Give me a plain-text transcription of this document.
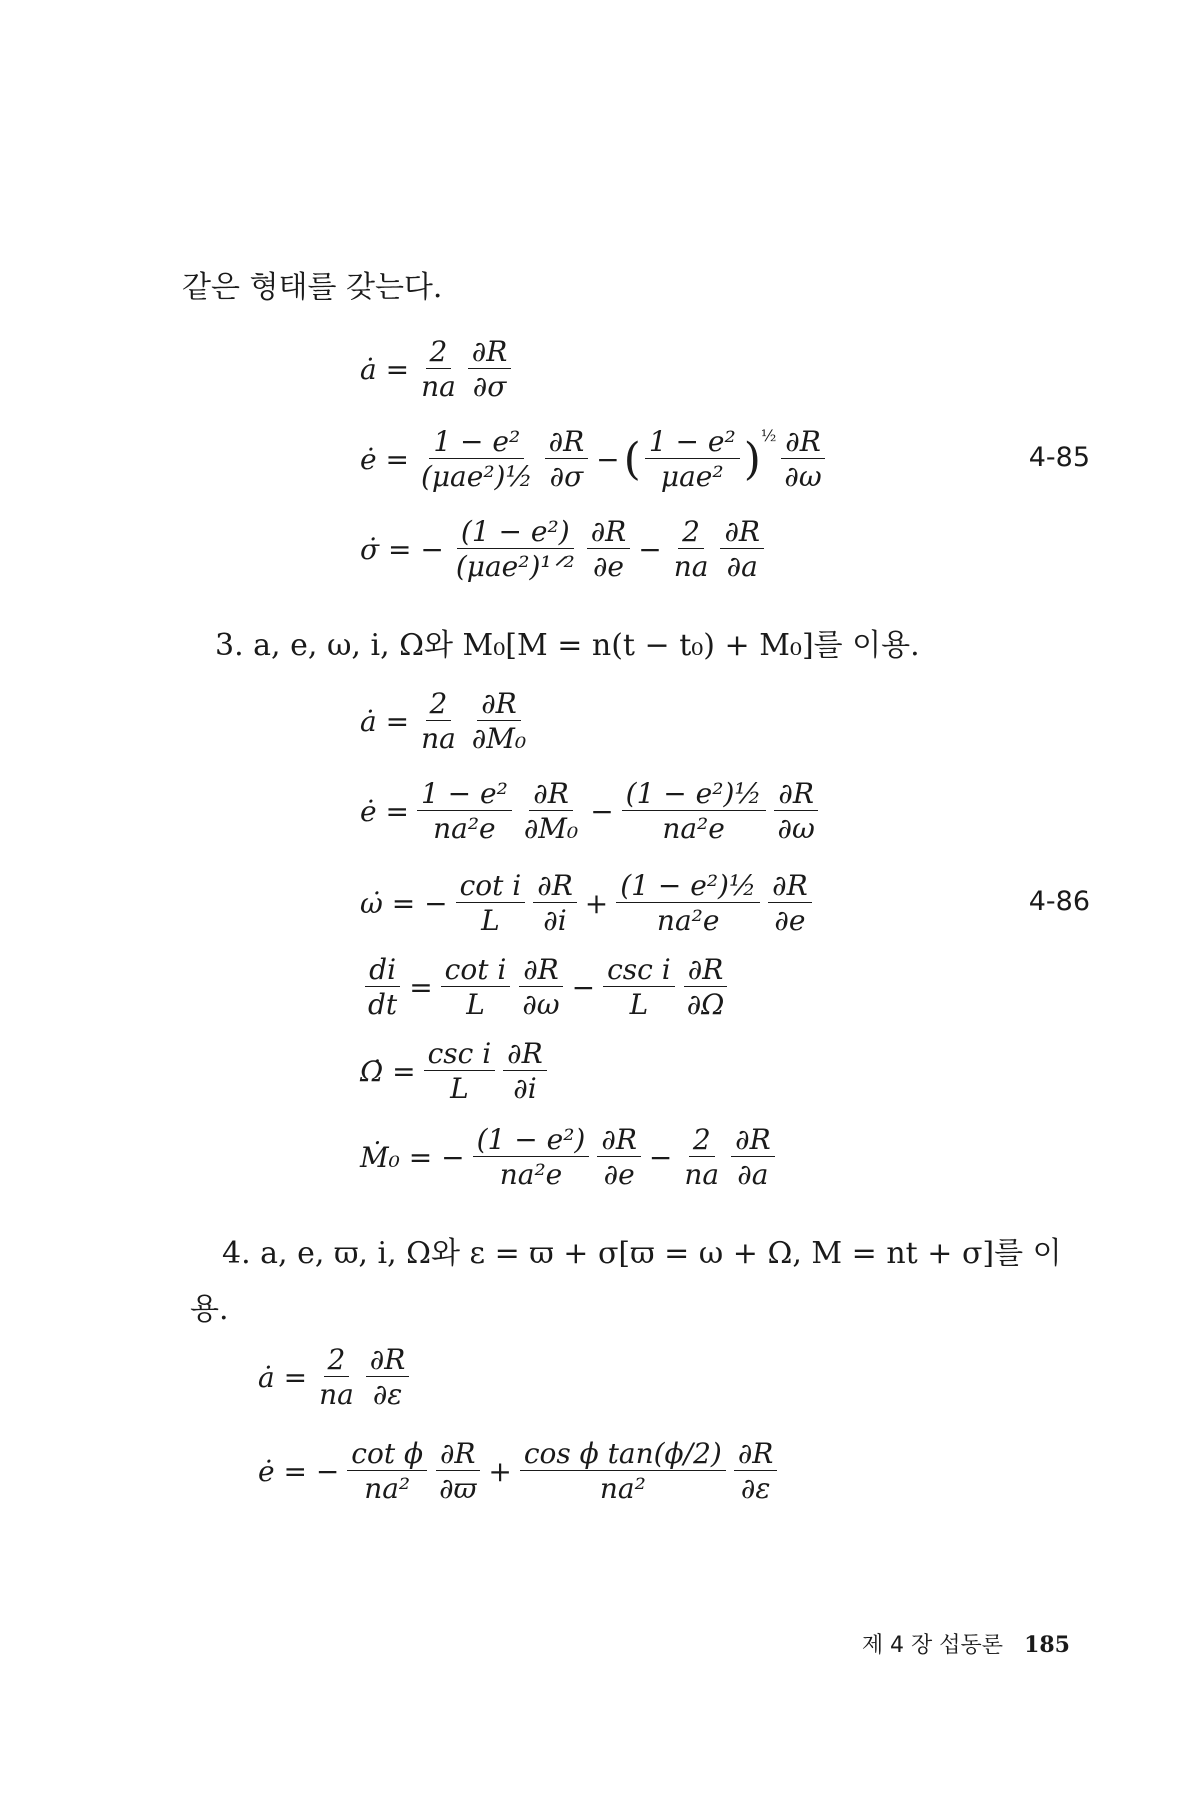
같은 형태를 갖는다.
ȧ = $\frac{2}{na} \frac{\partial R}{\partial\sigma}$
ė = $\frac{\text{1 − e²}}{\text{(μae²)½}} \frac{\partial R}{\partial\sigma}$ − ( $\frac{\text{1 − e²}}{\text{μae²}} )^{\frac{1}{2}} \frac{\partial R}{\partial\omega}$	4-85
σ̇ = − $\frac{\text{(1 − e²)}}{\text{(μae²)¹ᐟ²}} \frac{\partial R}{\partial e} - \frac{2}{na} \frac{\partial R}{\partial a}$
3. a, e, ω, i, Ω와 M₀[M = n(t − t₀) + M₀]를 이용.
ȧ = $\frac{2}{na} \frac{\partial R}{\text{∂M₀}}$
ė = $\frac{\text{1 − e²}}{\text{na²e}} \frac{\partial R}{\text{∂M₀}} - \frac{\text{(1 − e²)½}}{\text{na²e}} \frac{\partial R}{\partial\omega}$
ω̇ = − $\frac{\text{cot i}}{L} \frac{\partial R}{\partial i} + \frac{\text{(1 − e²)½}}{\text{na²e}} \frac{\partial R}{\partial e}$	4-86
$\frac{di}{dt} = \frac{\text{cot i}}{L} \frac{\partial R}{\partial\omega} - \frac{\text{csc i}}{L} \frac{\partial R}{\partial\Omega}$
Ω̇ = $\frac{\text{csc i}}{L} \frac{\partial R}{\partial i}$
Ṁ₀ = − $\frac{\text{(1 − e²)}}{\text{na²e}} \frac{\partial R}{\partial e} - \frac{2}{na} \frac{\partial R}{\partial a}$
4. a, e, ϖ, i, Ω와 ε = ϖ + σ[ϖ = ω + Ω, M = nt + σ]를 이
용.
ȧ = $\frac{2}{na} \frac{\partial R}{\partial\varepsilon}$
ė = − $\frac{\text{cot ϕ}}{\text{na²}} \frac{\partial R}{\partial ϖ} + \frac{\text{cos ϕ tan(ϕ/2)}}{\text{na²}} \frac{\partial R}{\partial\varepsilon}$
제 4 장 섭동론 185
